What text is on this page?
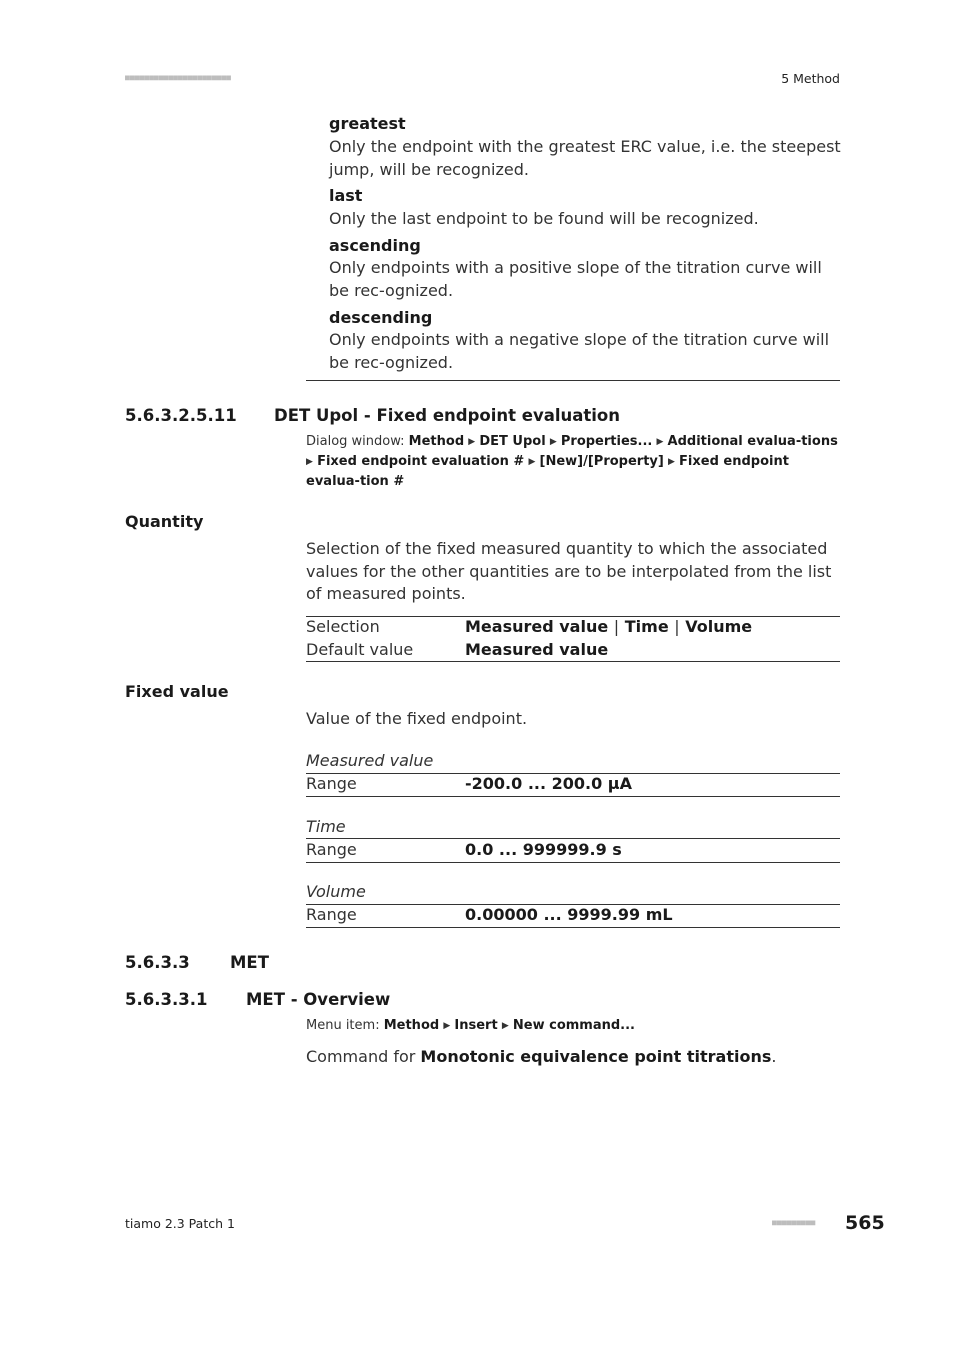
■■■■■■■■■■■■■■■■■■■■■■	5 Method
greatest
Only the endpoint with the greatest ERC value, i.e. the steepest jump, will be recognized.
last
Only the last endpoint to be found will be recognized.
ascending
Only endpoints with a positive slope of the titration curve will be rec-ognized.
descending
Only endpoints with a negative slope of the titration curve will be rec-ognized.
5.6.3.2.5.11 DET Upol - Fixed endpoint evaluation
Dialog window: Method ▶ DET Upol ▶ Properties... ▶ Additional evalua-tions ▶ Fixed endpoint evaluation # ▶ [New]/[Property] ▶ Fixed endpoint evalua-tion #
Quantity
Selection of the fixed measured quantity to which the associated values for the other quantities are to be interpolated from the list of measured points.
Selection	Measured value | Time | Volume
Default value	Measured value
Fixed value
Value of the fixed endpoint.
Measured value
Range	-200.0 ... 200.0 µA
Time
Range	0.0 ... 999999.9 s
Volume
Range	0.00000 ... 9999.99 mL
5.6.3.3 MET
5.6.3.3.1 MET - Overview
Menu item: Method ▶ Insert ▶ New command...
Command for Monotonic equivalence point titrations.
tiamo 2.3 Patch 1	■■■■■■■■■ 565
